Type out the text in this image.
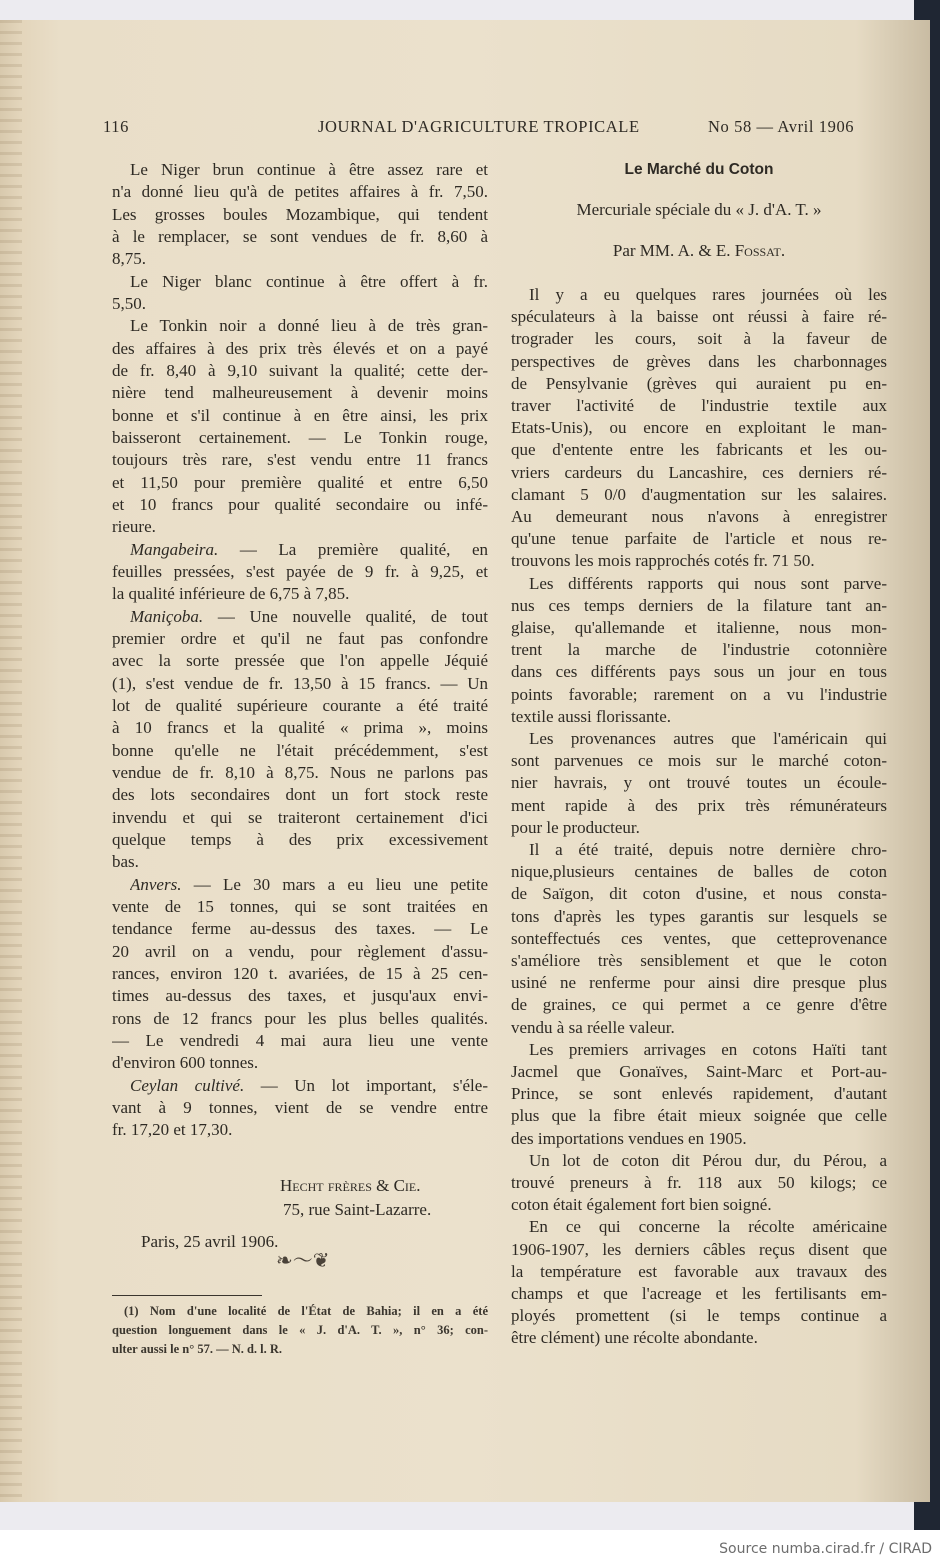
116	JOURNAL D'AGRICULTURE TROPICALE	No 58 — Avril 1906
Le Niger brun continue à être assez rare et
n'a donné lieu qu'à de petites affaires à fr. 7,50.
Les grosses boules Mozambique, qui tendent
à le remplacer, se sont vendues de fr. 8,60 à
8,75.
Le Niger blanc continue à être offert à fr.
5,50.
Le Tonkin noir a donné lieu à de très gran-
des affaires à des prix très élevés et on a payé
de fr. 8,40 à 9,10 suivant la qualité; cette der-
nière tend malheureusement à devenir moins
bonne et s'il continue à en être ainsi, les prix
baisseront certainement. — Le Tonkin rouge,
toujours très rare, s'est vendu entre 11 francs
et 11,50 pour première qualité et entre 6,50
et 10 francs pour qualité secondaire ou infé-
rieure.
Mangabeira. — La première qualité, en
feuilles pressées, s'est payée de 9 fr. à 9,25, et
la qualité inférieure de 6,75 à 7,85.
Maniçoba. — Une nouvelle qualité, de tout
premier ordre et qu'il ne faut pas confondre
avec la sorte pressée que l'on appelle Jéquié
(1), s'est vendue de fr. 13,50 à 15 francs. — Un
lot de qualité supérieure courante a été traité
à 10 francs et la qualité « prima », moins
bonne qu'elle ne l'était précédemment, s'est
vendue de fr. 8,10 à 8,75. Nous ne parlons pas
des lots secondaires dont un fort stock reste
invendu et qui se traiteront certainement d'ici
quelque temps à des prix excessivement
bas.
Anvers. — Le 30 mars a eu lieu une petite
vente de 15 tonnes, qui se sont traitées en
tendance ferme au-dessus des taxes. — Le
20 avril on a vendu, pour règlement d'assu-
rances, environ 120 t. avariées, de 15 à 25 cen-
times au-dessus des taxes, et jusqu'aux envi-
rons de 12 francs pour les plus belles qualités.
— Le vendredi 4 mai aura lieu une vente
d'environ 600 tonnes.
Ceylan cultivé. — Un lot important, s'éle-
vant à 9 tonnes, vient de se vendre entre
fr. 17,20 et 17,30.
Hecht frères & Cie.
75, rue Saint-Lazarre.
Paris, 25 avril 1906.
❧～❦
(1) Nom d'une localité de l'État de Bahia; il en a été
question longuement dans le « J. d'A. T. », n° 36; con-
ulter aussi le n° 57. — N. d. l. R.
Le Marché du Coton
Mercuriale spéciale du « J. d'A. T. »
Par MM. A. & E. Fossat.
Il y a eu quelques rares journées où les
spéculateurs à la baisse ont réussi à faire ré-
trograder les cours, soit à la faveur de
perspectives de grèves dans les charbonnages
de Pensylvanie (grèves qui auraient pu en-
traver l'activité de l'industrie textile aux
Etats-Unis), ou encore en exploitant le man-
que d'entente entre les fabricants et les ou-
vriers cardeurs du Lancashire, ces derniers ré-
clamant 5 0/0 d'augmentation sur les salaires.
Au demeurant nous n'avons à enregistrer
qu'une tenue parfaite de l'article et nous re-
trouvons les mois rapprochés cotés fr. 71 50.
Les différents rapports qui nous sont parve-
nus ces temps derniers de la filature tant an-
glaise, qu'allemande et italienne, nous mon-
trent la marche de l'industrie cotonnière
dans ces différents pays sous un jour en tous
points favorable; rarement on a vu l'industrie
textile aussi florissante.
Les provenances autres que l'américain qui
sont parvenues ce mois sur le marché coton-
nier havrais, y ont trouvé toutes un écoule-
ment rapide à des prix très rémunérateurs
pour le producteur.
Il a été traité, depuis notre dernière chro-
nique,plusieurs centaines de balles de coton
de Saïgon, dit coton d'usine, et nous consta-
tons d'après les types garantis sur lesquels se
sonteffectués ces ventes, que cetteprovenance
s'améliore très sensiblement et que le coton
usiné ne renferme pour ainsi dire presque plus
de graines, ce qui permet a ce genre d'être
vendu à sa réelle valeur.
Les premiers arrivages en cotons Haïti tant
Jacmel que Gonaïves, Saint-Marc et Port-au-
Prince, se sont enlevés rapidement, d'autant
plus que la fibre était mieux soignée que celle
des importations vendues en 1905.
Un lot de coton dit Pérou dur, du Pérou, a
trouvé preneurs à fr. 118 aux 50 kilogs; ce
coton était également fort bien soigné.
En ce qui concerne la récolte américaine
1906-1907, les derniers câbles reçus disent que
la température est favorable aux travaux des
champs et que l'acreage et les fertilisants em-
ployés promettent (si le temps continue a
être clément) une récolte abondante.
Source numba.cirad.fr / CIRAD
